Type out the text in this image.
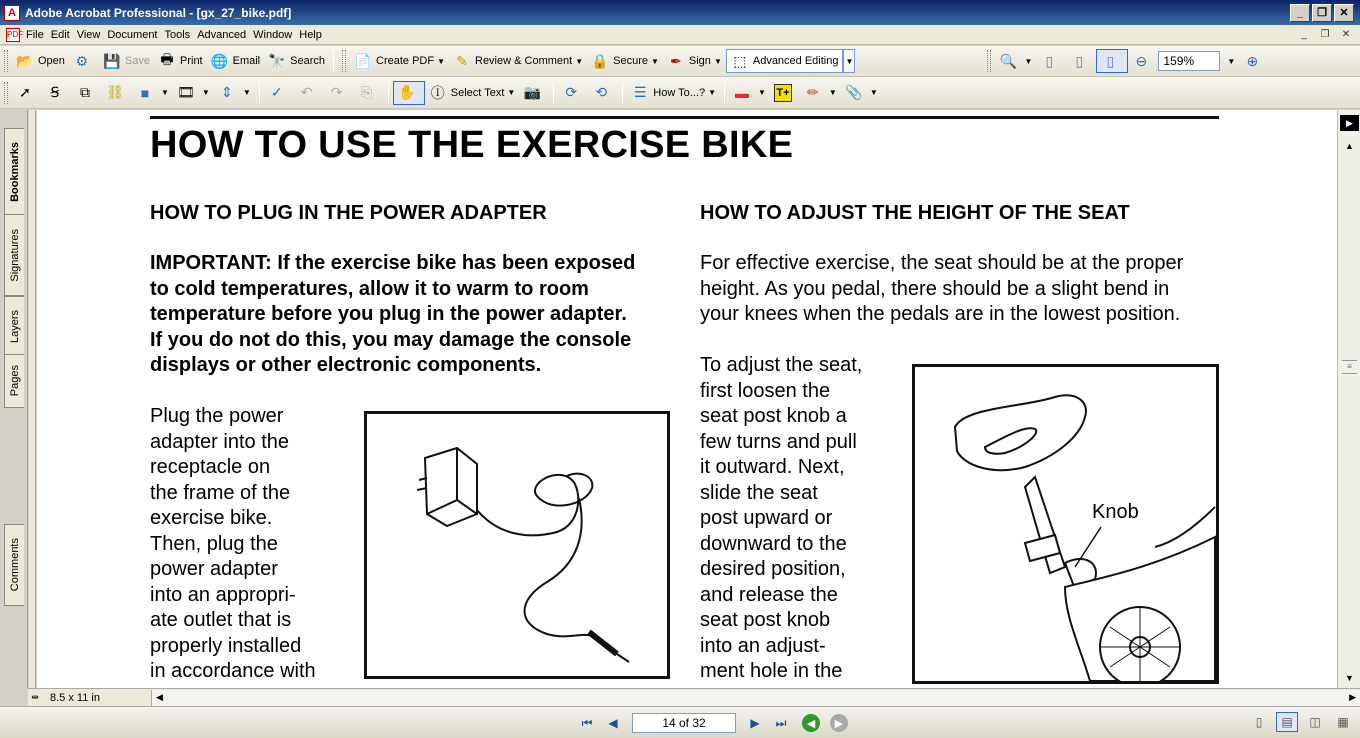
A Adobe Acrobat Professional - [gx_27_bike.pdf]	_	❐	✕
PDF File Edit View Document Tools Advanced Window Help	_	❐ ✕
📂 Open ⚙ 💾 Save 🖶 Print 🌐 Email 🔭 Search 📄 Create PDF ▼ ✎ Review & Comment ▼ 🔒 Secure ▼ ✒ Sign ▼ ⬚ Advanced Editing ▼	🔍 ▼ ▯	▯	▯	⊖	159%	▼ ⊕
➚	Ꞩ	⧉ ⛓	■	▼ 🎞 ▼ ⇕	▼ ✓ ↶ ↷ ⎘ ✋ Ⓘ Select Text ▼ 📷 ⟳ ⟲ ☰ How To...? ▼ ▬ ▼ T+ ✏	▼ 📎 ▼
Bookmarks
Signatures
Layers
Pages
Comments
HOW TO USE THE EXERCISE BIKE
HOW TO PLUG IN THE POWER ADAPTER
IMPORTANT: If the exercise bike has been exposed
to cold temperatures, allow it to warm to room
temperature before you plug in the power adapter.
If you do not do this, you may damage the console
displays or other electronic components.
Plug the power
adapter into the
receptacle on
the frame of the
exercise bike.
Then, plug the
power adapter
into an appropri-
ate outlet that is
properly installed
in accordance with
HOW TO ADJUST THE HEIGHT OF THE SEAT
For effective exercise, the seat should be at the proper
height. As you pedal, there should be a slight bend in
your knees when the pedals are in the lowest position.
To adjust the seat,
first loosen the
seat post knob a
few turns and pull
it outward. Next,
slide the seat
post upward or
downward to the
desired position,
and release the
seat post knob
into an adjust-
ment hole in the
Knob
▶
▲
≡
▼
⇹	8.5 x 11 in	◀	▶
⏮	◀	14 of 32	▶	⏭	◀	▶	▯	▤	◫	▦
